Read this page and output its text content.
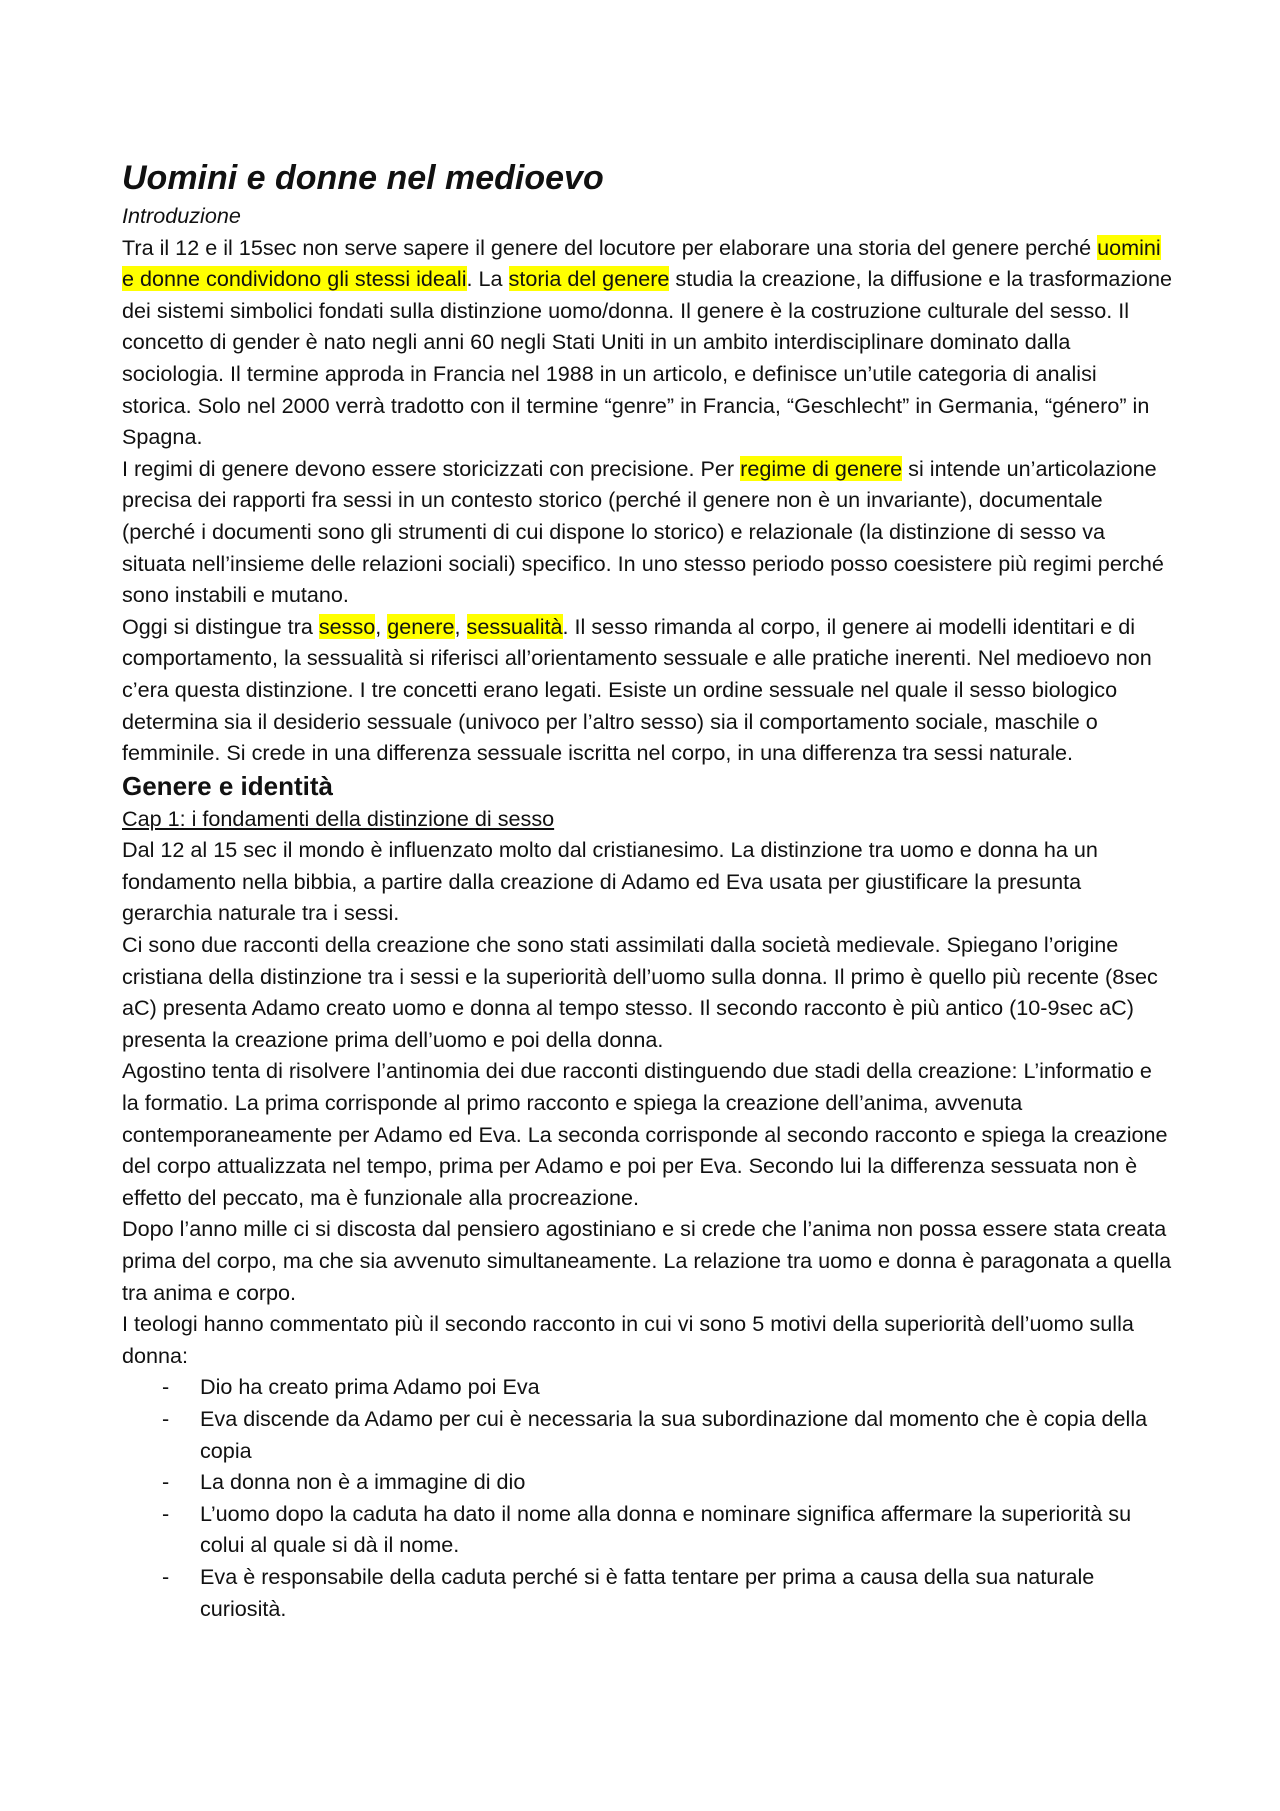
Uomini e donne nel medioevo
Introduzione

Tra il 12 e il 15sec non serve sapere il genere del locutore per elaborare una storia del genere perché uomini e donne condividono gli stessi ideali. La storia del genere studia la creazione, la diffusione e la trasformazione dei sistemi simbolici fondati sulla distinzione uomo/donna. Il genere è la costruzione culturale del sesso. Il concetto di gender è nato negli anni 60 negli Stati Uniti in un ambito interdisciplinare dominato dalla sociologia. Il termine approda in Francia nel 1988 in un articolo, e definisce un’utile categoria di analisi storica. Solo nel 2000 verrà tradotto con il termine “genre” in Francia, “Geschlecht” in Germania, “género” in Spagna.

I regimi di genere devono essere storicizzati con precisione. Per regime di genere si intende un’articolazione precisa dei rapporti fra sessi in un contesto storico (perché il genere non è un invariante), documentale (perché i documenti sono gli strumenti di cui dispone lo storico) e relazionale (la distinzione di sesso va situata nell’insieme delle relazioni sociali) specifico. In uno stesso periodo posso coesistere più regimi perché sono instabili e mutano.

Oggi si distingue tra sesso, genere, sessualità. Il sesso rimanda al corpo, il genere ai modelli identitari e di comportamento, la sessualità si riferisci all’orientamento sessuale e alle pratiche inerenti. Nel medioevo non c’era questa distinzione. I tre concetti erano legati. Esiste un ordine sessuale nel quale il sesso biologico determina sia il desiderio sessuale (univoco per l’altro sesso) sia il comportamento sociale, maschile o femminile. Si crede in una differenza sessuale iscritta nel corpo, in una differenza tra sessi naturale.

Genere e identità
Cap 1: i fondamenti della distinzione di sesso

Dal 12 al 15 sec il mondo è influenzato molto dal cristianesimo. La distinzione tra uomo e donna ha un fondamento nella bibbia, a partire dalla creazione di Adamo ed Eva usata per giustificare la presunta gerarchia naturale tra i sessi.

Ci sono due racconti della creazione che sono stati assimilati dalla società medievale. Spiegano l’origine cristiana della distinzione tra i sessi e la superiorità dell’uomo sulla donna. Il primo è quello più recente (8sec aC) presenta Adamo creato uomo e donna al tempo stesso. Il secondo racconto è più antico (10-9sec aC) presenta la creazione prima dell’uomo e poi della donna.

Agostino tenta di risolvere l’antinomia dei due racconti distinguendo due stadi della creazione: L’informatio e la formatio. La prima corrisponde al primo racconto e spiega la creazione dell’anima, avvenuta contemporaneamente per Adamo ed Eva. La seconda corrisponde al secondo racconto e spiega la creazione del corpo attualizzata nel tempo, prima per Adamo e poi per Eva. Secondo lui la differenza sessuata non è effetto del peccato, ma è funzionale alla procreazione.

Dopo l’anno mille ci si discosta dal pensiero agostiniano e si crede che l’anima non possa essere stata creata prima del corpo, ma che sia avvenuto simultaneamente. La relazione tra uomo e donna è paragonata a quella tra anima e corpo.

I teologi hanno commentato più il secondo racconto in cui vi sono 5 motivi della superiorità dell’uomo sulla donna:

- Dio ha creato prima Adamo poi Eva
- Eva discende da Adamo per cui è necessaria la sua subordinazione dal momento che è copia della copia
- La donna non è a immagine di dio
- L’uomo dopo la caduta ha dato il nome alla donna e nominare significa affermare la superiorità su colui al quale si dà il nome.
- Eva è responsabile della caduta perché si è fatta tentare per prima a causa della sua naturale curiosità.
